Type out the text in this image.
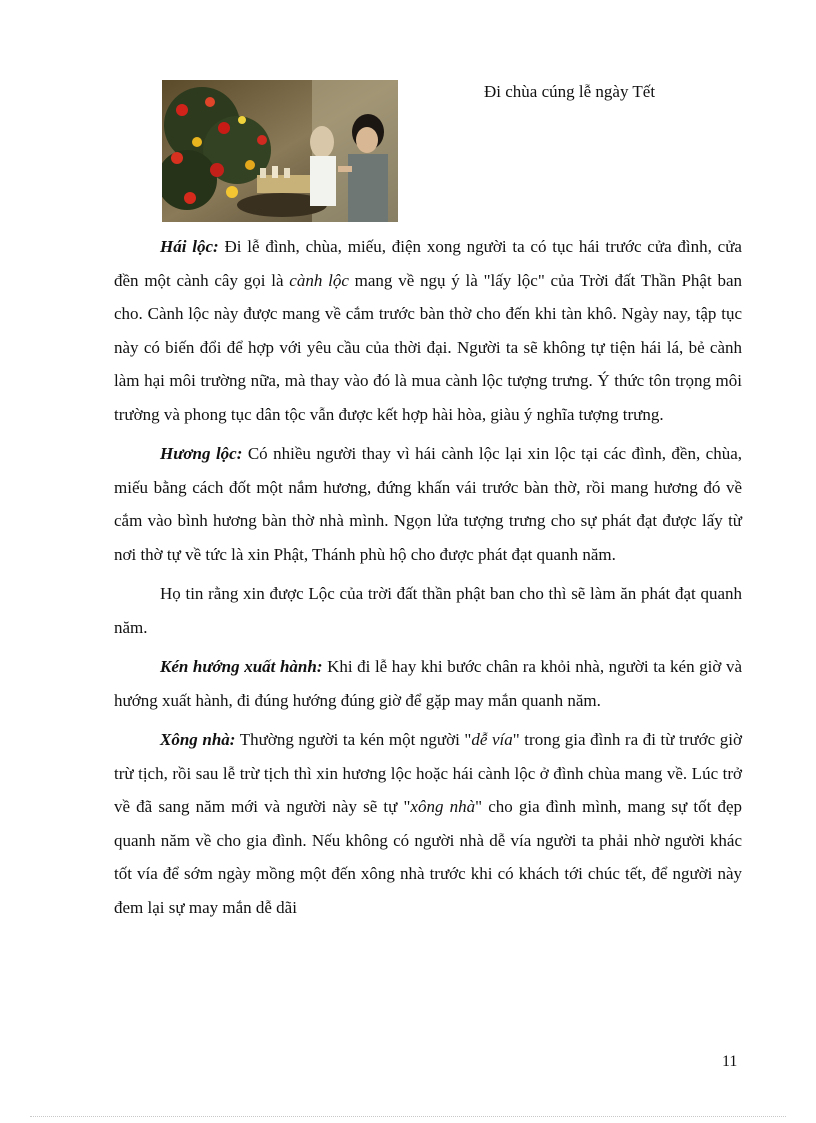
Đi chùa cúng lễ ngày Tết

Hái lộc: Đi lễ đình, chùa, miếu, điện xong người ta có tục hái trước cửa đình, cửa đền một cành cây gọi là cành lộc mang về ngụ ý là "lấy lộc" của Trời đất Thần Phật ban cho. Cành lộc này được mang về cắm trước bàn thờ cho đến khi tàn khô. Ngày nay, tập tục này có biến đổi để hợp với yêu cầu của thời đại. Người ta sẽ không tự tiện hái lá, bẻ cành làm hại môi trường nữa, mà thay vào đó là mua cành lộc tượng trưng. Ý thức tôn trọng môi trường và phong tục dân tộc vẫn được kết hợp hài hòa, giàu ý nghĩa tượng trưng.

Hương lộc: Có nhiều người thay vì hái cành lộc lại xin lộc tại các đình, đền, chùa, miếu bằng cách đốt một nắm hương, đứng khấn vái trước bàn thờ, rồi mang hương đó về cắm vào bình hương bàn thờ nhà mình. Ngọn lửa tượng trưng cho sự phát đạt được lấy từ nơi thờ tự về tức là xin Phật, Thánh phù hộ cho được phát đạt quanh năm.

Họ tin rằng xin được Lộc của trời đất thần phật ban cho thì sẽ làm ăn phát đạt quanh năm.

Kén hướng xuất hành: Khi đi lễ hay khi bước chân ra khỏi nhà, người ta kén giờ và hướng xuất hành, đi đúng hướng đúng giờ để gặp may mắn quanh năm.

Xông nhà: Thường người ta kén một người "dễ vía" trong gia đình ra đi từ trước giờ trừ tịch, rồi sau lễ trừ tịch thì xin hương lộc hoặc hái cành lộc ở đình chùa mang về. Lúc trở về đã sang năm mới và người này sẽ tự "xông nhà" cho gia đình mình, mang sự tốt đẹp quanh năm về cho gia đình. Nếu không có người nhà dễ vía người ta phải nhờ người khác tốt vía để sớm ngày mồng một đến xông nhà trước khi có khách tới chúc tết, để người này đem lại sự may mắn dễ dãi

11
